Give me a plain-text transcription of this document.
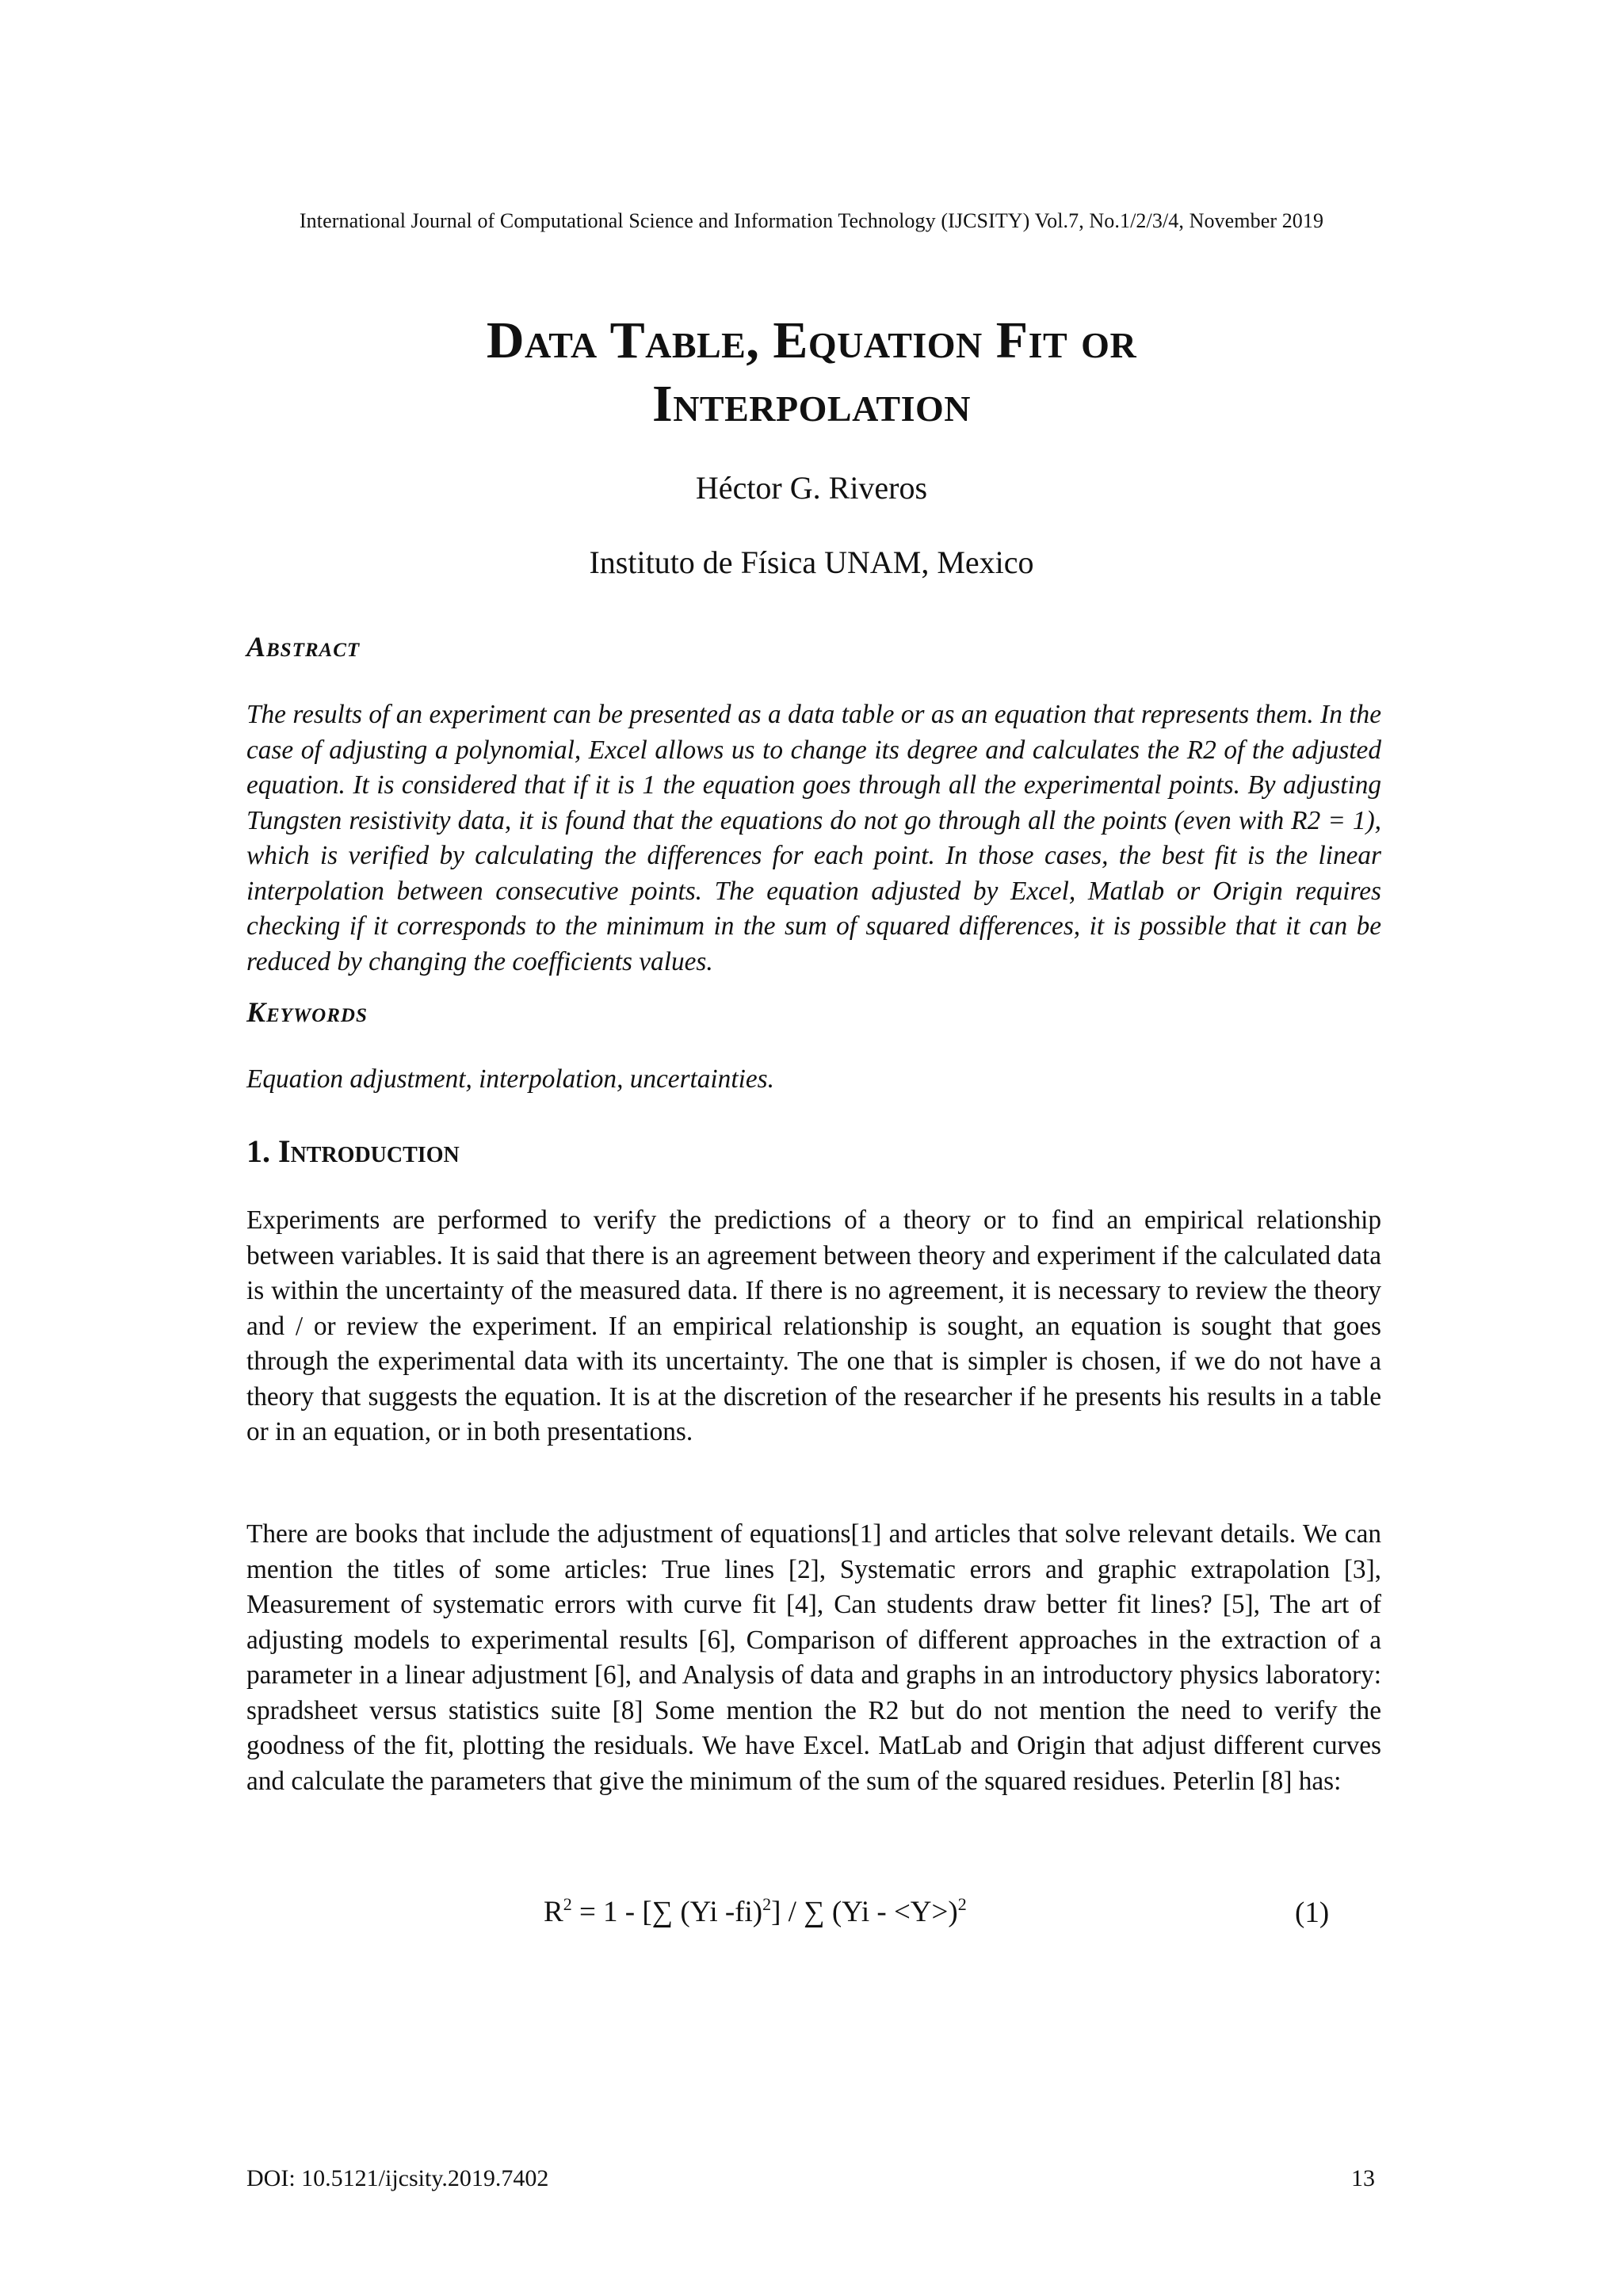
International Journal of Computational Science and Information Technology (IJCSITY) Vol.7, No.1/2/3/4, November 2019
Data Table, Equation Fit or
Interpolation
Héctor G. Riveros
Instituto de Física UNAM, Mexico
Abstract
The results of an experiment can be presented as a data table or as an equation that represents them. In the case of adjusting a polynomial, Excel allows us to change its degree and calculates the R2 of the adjusted equation. It is considered that if it is 1 the equation goes through all the experimental points. By adjusting Tungsten resistivity data, it is found that the equations do not go through all the points (even with R2 = 1), which is verified by calculating the differences for each point. In those cases, the best fit is the linear interpolation between consecutive points. The equation adjusted by Excel, Matlab or Origin requires checking if it corresponds to the minimum in the sum of squared differences, it is possible that it can be reduced by changing the coefficients values.
Keywords
Equation adjustment, interpolation, uncertainties.
1. Introduction
Experiments are performed to verify the predictions of a theory or to find an empirical relationship between variables. It is said that there is an agreement between theory and experiment if the calculated data is within the uncertainty of the measured data. If there is no agreement, it is necessary to review the theory and / or review the experiment. If an empirical relationship is sought, an equation is sought that goes through the experimental data with its uncertainty. The one that is simpler is chosen, if we do not have a theory that suggests the equation. It is at the discretion of the researcher if he presents his results in a table or in an equation, or in both presentations.
There are books that include the adjustment of equations[1] and articles that solve relevant details. We can mention the titles of some articles: True lines [2], Systematic errors and graphic extrapolation [3], Measurement of systematic errors with curve fit [4], Can students draw better fit lines? [5], The art of adjusting models to experimental results [6], Comparison of different approaches in the extraction of a parameter in a linear adjustment [6], and Analysis of data and graphs in an introductory physics laboratory: spradsheet versus statistics suite [8] Some mention the R2 but do not mention the need to verify the goodness of the fit, plotting the residuals. We have Excel. MatLab and Origin that adjust different curves and calculate the parameters that give the minimum of the sum of the squared residues. Peterlin [8] has:
$R^2 = 1$ - [∑ (Yi -fi)$^2$] / ∑ (Yi - <Y>)$^2$	(1)
DOI: 10.5121/ijcsity.2019.7402	13
